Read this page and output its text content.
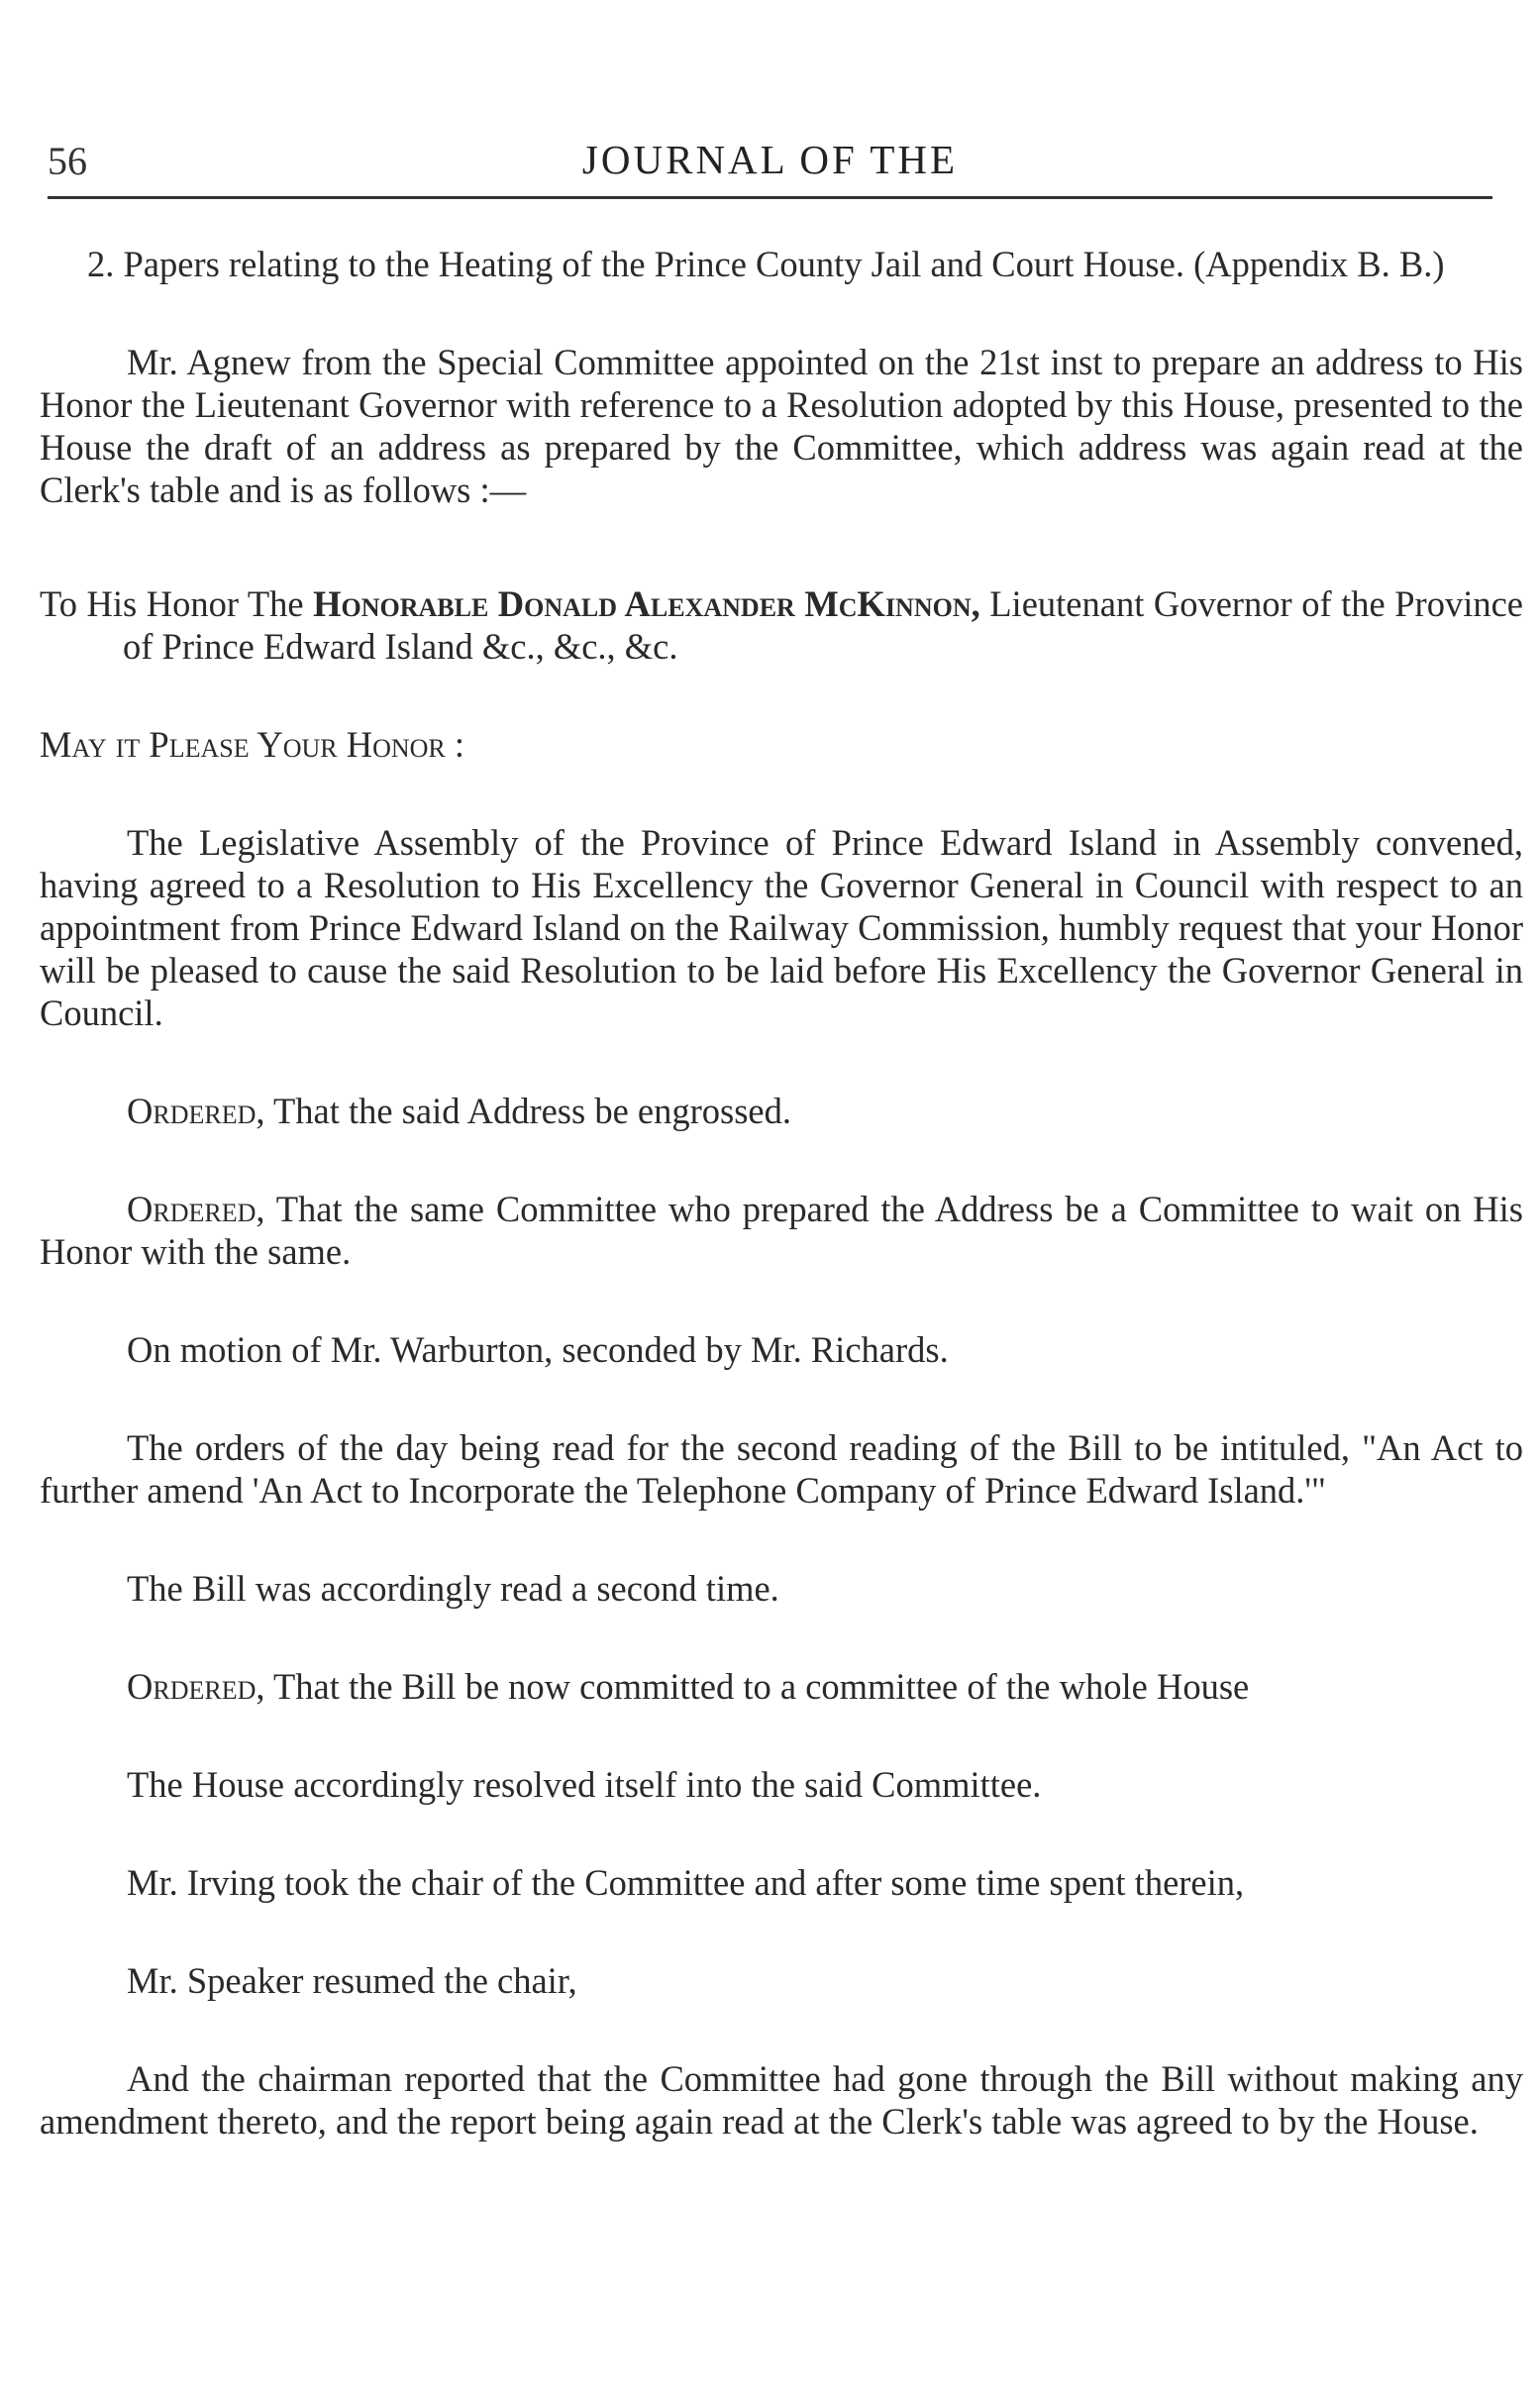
56	JOURNAL OF THE

2. Papers relating to the Heating of the Prince County Jail and Court House. (Appendix B. B.)

Mr. Agnew from the Special Committee appointed on the 21st inst to prepare an address to His Honor the Lieutenant Governor with reference to a Resolution adopted by this House, presented to the House the draft of an address as prepared by the Committee, which address was again read at the Clerk's table and is as follows :—

To His Honor The Honorable Donald Alexander McKinnon, Lieutenant Governor of the Province of Prince Edward Island &c., &c., &c.

May it Please Your Honor :

The Legislative Assembly of the Province of Prince Edward Island in Assembly convened, having agreed to a Resolution to His Excellency the Governor General in Council with respect to an appointment from Prince Edward Island on the Railway Commission, humbly request that your Honor will be pleased to cause the said Resolution to be laid before His Excellency the Governor General in Council.

Ordered, That the said Address be engrossed.

Ordered, That the same Committee who prepared the Address be a Committee to wait on His Honor with the same.

On motion of Mr. Warburton, seconded by Mr. Richards.

The orders of the day being read for the second reading of the Bill to be intituled, "An Act to further amend 'An Act to Incorporate the Telephone Company of Prince Edward Island.'"

The Bill was accordingly read a second time.

Ordered, That the Bill be now committed to a committee of the whole House

The House accordingly resolved itself into the said Committee.

Mr. Irving took the chair of the Committee and after some time spent therein,

Mr. Speaker resumed the chair,

And the chairman reported that the Committee had gone through the Bill without making any amendment thereto, and the report being again read at the Clerk's table was agreed to by the House.
